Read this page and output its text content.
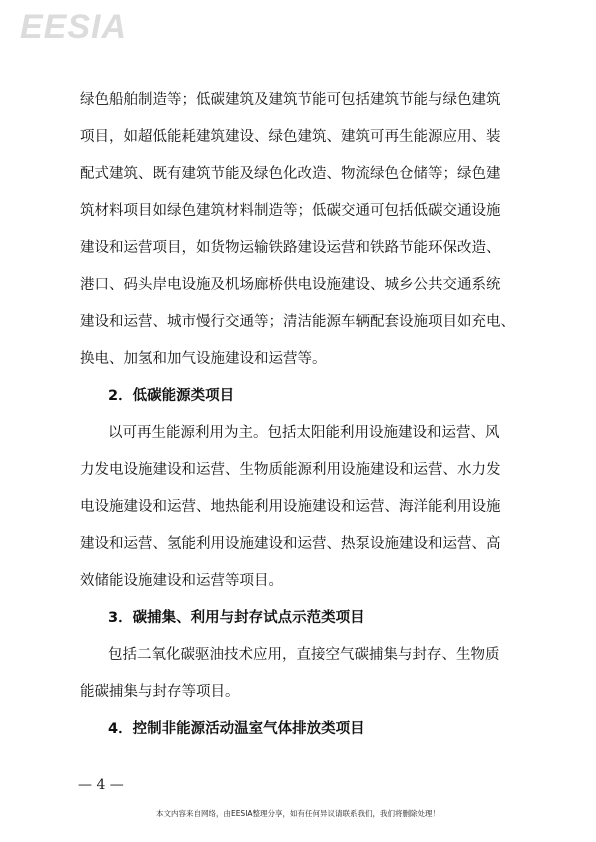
EESIA
绿色船舶制造等；低碳建筑及建筑节能可包括建筑节能与绿色建筑
项目，如超低能耗建筑建设、绿色建筑、建筑可再生能源应用、装
配式建筑、既有建筑节能及绿色化改造、物流绿色仓储等；绿色建
筑材料项目如绿色建筑材料制造等；低碳交通可包括低碳交通设施
建设和运营项目，如货物运输铁路建设运营和铁路节能环保改造、
港口、码头岸电设施及机场廊桥供电设施建设、城乡公共交通系统
建设和运营、城市慢行交通等；清洁能源车辆配套设施项目如充电、
换电、加氢和加气设施建设和运营等。
2．低碳能源类项目
以可再生能源利用为主。包括太阳能利用设施建设和运营、风
力发电设施建设和运营、生物质能源利用设施建设和运营、水力发
电设施建设和运营、地热能利用设施建设和运营、海洋能利用设施
建设和运营、氢能利用设施建设和运营、热泵设施建设和运营、高
效储能设施建设和运营等项目。
3．碳捕集、利用与封存试点示范类项目
包括二氧化碳驱油技术应用，直接空气碳捕集与封存、生物质
能碳捕集与封存等项目。
4．控制非能源活动温室气体排放类项目
— 4 —
本文内容来自网络，由EESIA整理分享，如有任何异议请联系我们，我们将删除处理！
